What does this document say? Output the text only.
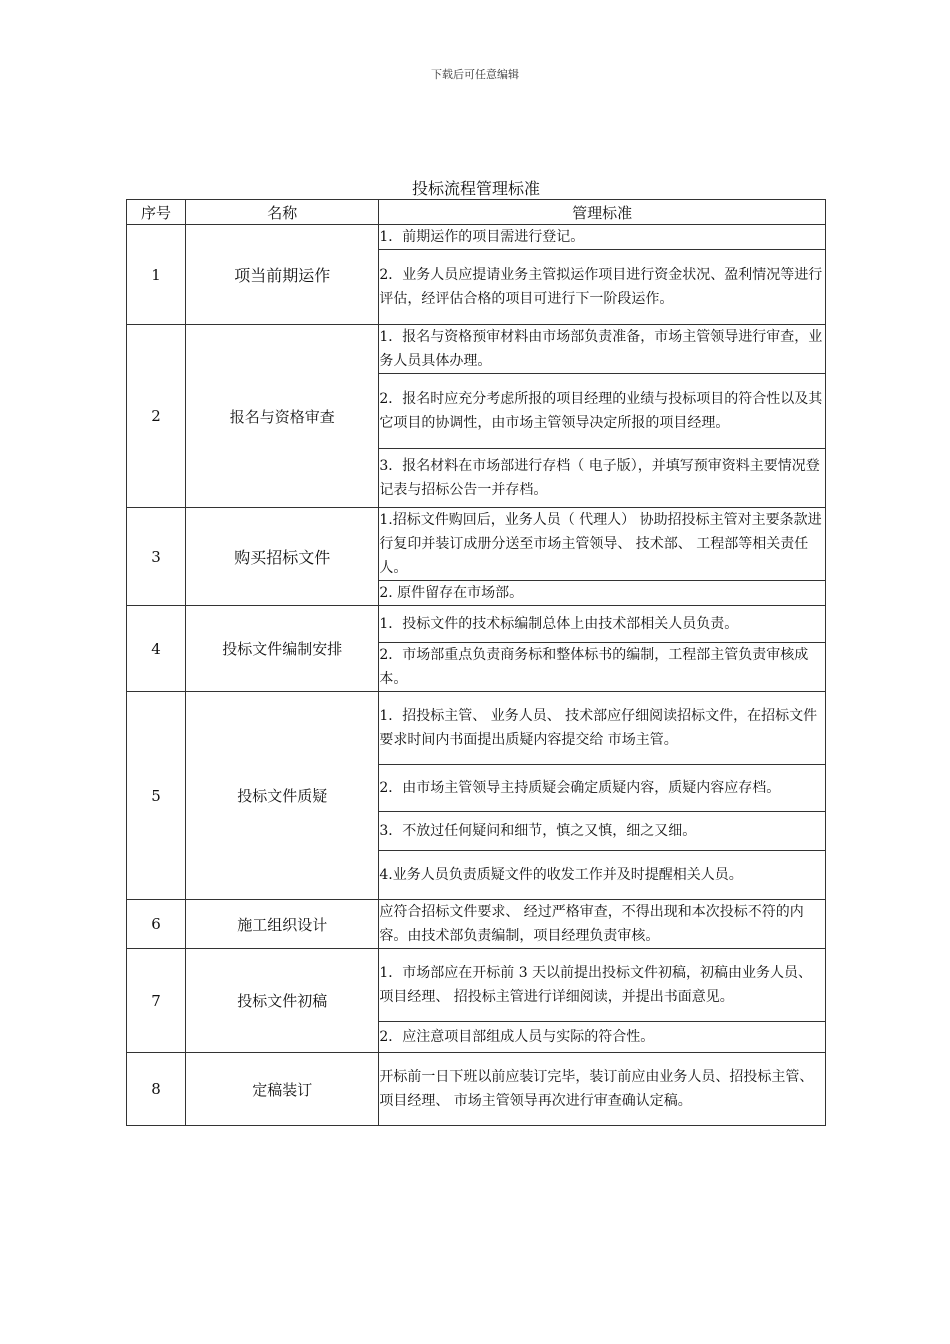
下载后可任意编辑
投标流程管理标准
序号	名称	管理标准
1	项当前期运作	1．前期运作的项目需进行登记。
		2．业务人员应提请业务主管拟运作项目进行资金状况、盈利情况等进行评估，经评估合格的项目可进行下一阶段运作。
2	报名与资格审查	1．报名与资格预审材料由市场部负责准备，市场主管领导进行审查，业务人员具体办理。
		2．报名时应充分考虑所报的项目经理的业绩与投标项目的符合性以及其它项目的协调性，由市场主管领导决定所报的项目经理。
		3．报名材料在市场部进行存档（ 电子版），并填写预审资料主要情况登记表与招标公告一并存档。
3	购买招标文件	1.招标文件购回后，业务人员（ 代理人） 协助招投标主管对主要条款进行复印并装订成册分送至市场主管领导、 技术部、 工程部等相关责任人。
		2. 原件留存在市场部。
4	投标文件编制安排	1．投标文件的技术标编制总体上由技术部相关人员负责。
		2．市场部重点负责商务标和整体标书的编制，工程部主管负责审核成本。
5	投标文件质疑	1．招投标主管、 业务人员、 技术部应仔细阅读招标文件，在招标文件要求时间内书面提出质疑内容提交给 市场主管。
		2．由市场主管领导主持质疑会确定质疑内容，质疑内容应存档。
		3．不放过任何疑问和细节，慎之又慎，细之又细。
		4.业务人员负责质疑文件的收发工作并及时提醒相关人员。
6	施工组织设计	应符合招标文件要求、 经过严格审查，不得出现和本次投标不符的内容。由技术部负责编制，项目经理负责审核。
7	投标文件初稿	1．市场部应在开标前 3 天以前提出投标文件初稿，初稿由业务人员、 项目经理、 招投标主管进行详细阅读，并提出书面意见。
		2．应注意项目部组成人员与实际的符合性。
8	定稿装订	开标前一日下班以前应装订完毕，装订前应由业务人员、招投标主管、 项目经理、 市场主管领导再次进行审查确认定稿。
